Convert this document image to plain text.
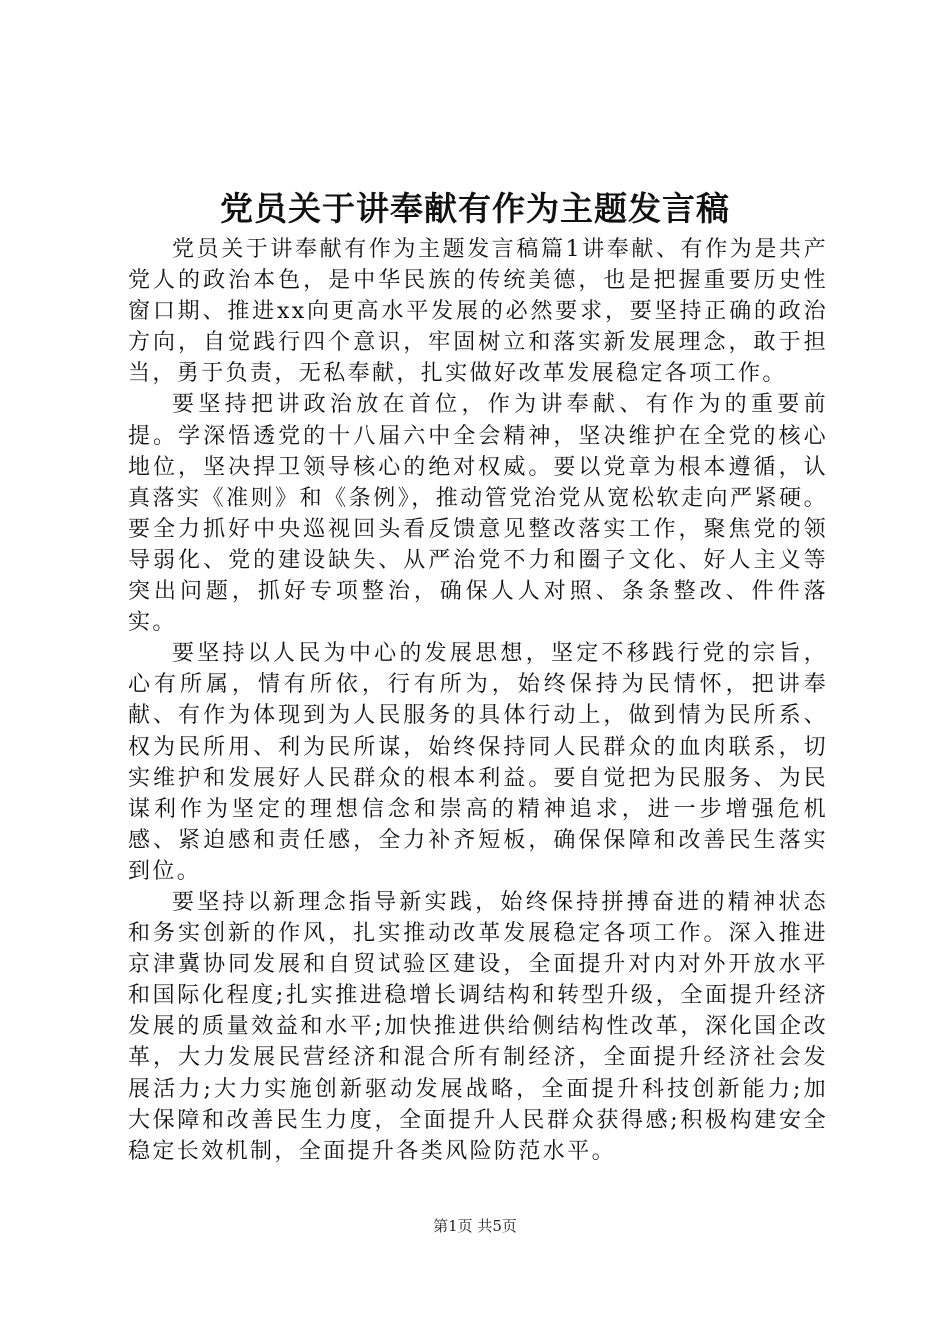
党员关于讲奉献有作为主题发言稿

党员关于讲奉献有作为主题发言稿篇1讲奉献、有作为是共产党人的政治本色，是中华民族的传统美德，也是把握重要历史性窗口期、推进xx向更高水平发展的必然要求，要坚持正确的政治方向，自觉践行四个意识，牢固树立和落实新发展理念，敢于担当，勇于负责，无私奉献，扎实做好改革发展稳定各项工作。

要坚持把讲政治放在首位，作为讲奉献、有作为的重要前提。学深悟透党的十八届六中全会精神，坚决维护在全党的核心地位，坚决捍卫领导核心的绝对权威。要以党章为根本遵循，认真落实《准则》和《条例》，推动管党治党从宽松软走向严紧硬。要全力抓好中央巡视回头看反馈意见整改落实工作，聚焦党的领导弱化、党的建设缺失、从严治党不力和圈子文化、好人主义等突出问题，抓好专项整治，确保人人对照、条条整改、件件落实。

要坚持以人民为中心的发展思想，坚定不移践行党的宗旨，心有所属，情有所依，行有所为，始终保持为民情怀，把讲奉献、有作为体现到为人民服务的具体行动上，做到情为民所系、权为民所用、利为民所谋，始终保持同人民群众的血肉联系，切实维护和发展好人民群众的根本利益。要自觉把为民服务、为民谋利作为坚定的理想信念和崇高的精神追求，进一步增强危机感、紧迫感和责任感，全力补齐短板，确保保障和改善民生落实到位。

要坚持以新理念指导新实践，始终保持拼搏奋进的精神状态和务实创新的作风，扎实推动改革发展稳定各项工作。深入推进京津冀协同发展和自贸试验区建设，全面提升对内对外开放水平和国际化程度;扎实推进稳增长调结构和转型升级，全面提升经济发展的质量效益和水平;加快推进供给侧结构性改革，深化国企改革，大力发展民营经济和混合所有制经济，全面提升经济社会发展活力;大力实施创新驱动发展战略，全面提升科技创新能力;加大保障和改善民生力度，全面提升人民群众获得感;积极构建安全稳定长效机制，全面提升各类风险防范水平。

第1页 共5页
